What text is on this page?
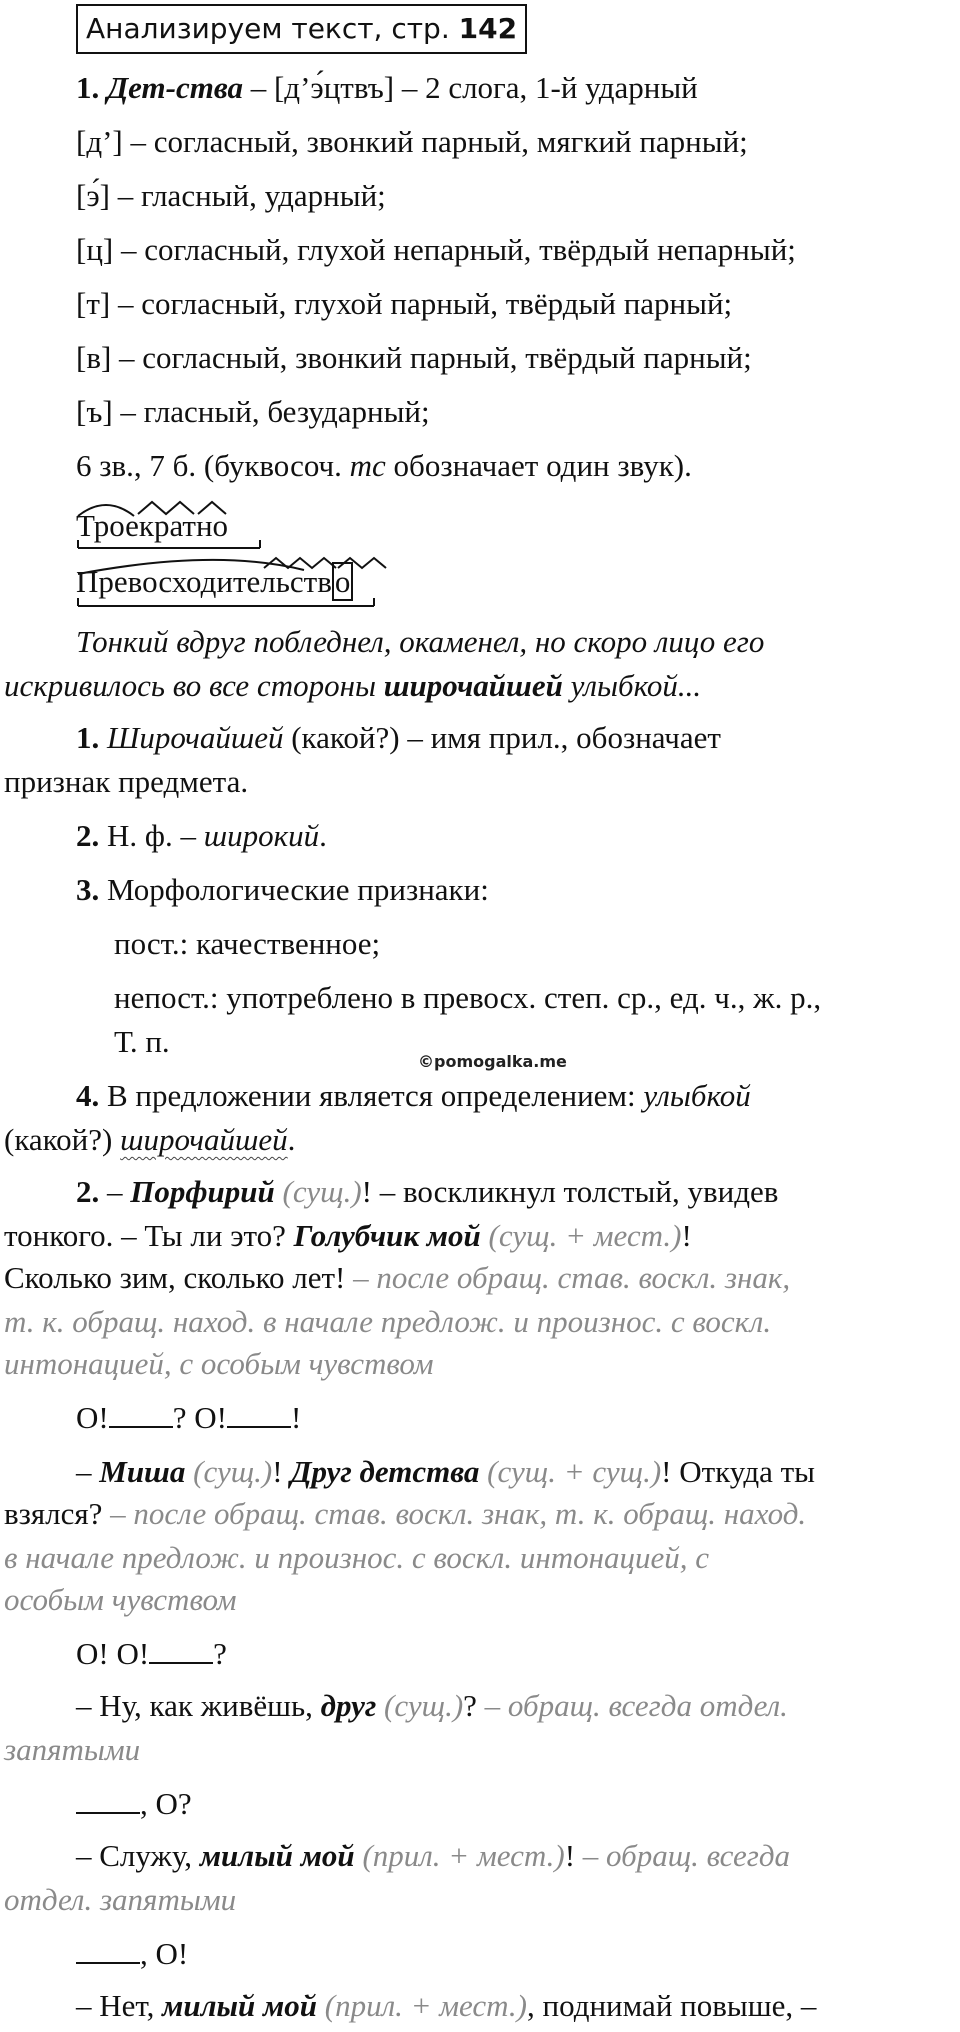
Анализируем текст, стр. 142
1. Дет-ства – [д’э́цтвъ] – 2 слога, 1-й ударный
[д’] – согласный, звонкий парный, мягкий парный;
[э́] – гласный, ударный;
[ц] – согласный, глухой непарный, твёрдый непарный;
[т] – согласный, глухой парный, твёрдый парный;
[в] – согласный, звонкий парный, твёрдый парный;
[ъ] – гласный, безударный;
6 зв., 7 б. (буквосоч. тс обозначает один звук).
Троекратно
Превосходительство
Тонкий вдруг побледнел, окаменел, но скоро лицо его
искривилось во все стороны широчайшей улыбкой...
1. Широчайшей (какой?) – имя прил., обозначает
признак предмета.
2. Н. ф. – широкий.
3. Морфологические признаки:
пост.: качественное;
непост.: употреблено в превосх. степ. ср., ед. ч., ж. р.,
Т. п.
©pomogalka.me
4. В предложении является определением: улыбкой
(какой?) широчайшей.
2. – Порфирий (сущ.)! – воскликнул толстый, увидев
тонкого. – Ты ли это? Голубчик мой (сущ. + мест.)!
Сколько зим, сколько лет! – после обращ. став. воскл. знак,
т. к. обращ. наход. в начале предлож. и произнос. с воскл.
интонацией, с особым чувством
О! ? О! !
– Миша (сущ.)! Друг детства (сущ. + сущ.)! Откуда ты
взялся? – после обращ. став. воскл. знак, т. к. обращ. наход.
в начале предлож. и произнос. с воскл. интонацией, с
особым чувством
О! О! ?
– Ну, как живёшь, друг (сущ.)? – обращ. всегда отдел.
запятыми
, О?
– Служу, милый мой (прил. + мест.)! – обращ. всегда
отдел. запятыми
, О!
– Нет, милый мой (прил. + мест.), поднимай повыше, –
